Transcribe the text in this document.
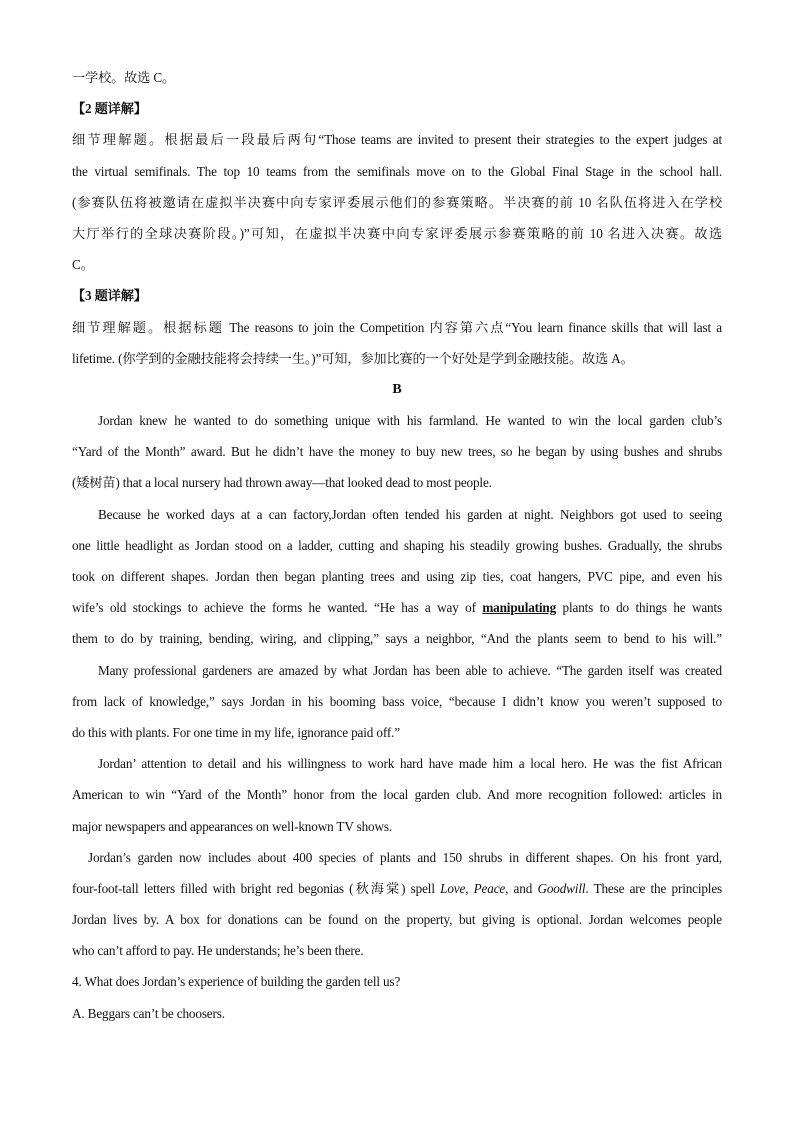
一学校。故选 C。
【2 题详解】
细节理解题。根据最后一段最后两句“Those teams are invited to present their strategies to the expert judges at
the virtual semifinals. The top 10 teams from the semifinals move on to the Global Final Stage in the school hall.
(参赛队伍将被邀请在虚拟半决赛中向专家评委展示他们的参赛策略。半决赛的前 10 名队伍将进入在学校
大厅举行的全球决赛阶段。)”可知，在虚拟半决赛中向专家评委展示参赛策略的前 10 名进入决赛。故选
C。
【3 题详解】
细节理解题。根据标题 The reasons to join the Competition 内容第六点“You learn finance skills that will last a
lifetime. (你学到的金融技能将会持续一生。)”可知，参加比赛的一个好处是学到金融技能。故选 A。
B
Jordan knew he wanted to do something unique with his farmland. He wanted to win the local garden club’s
“Yard of the Month” award. But he didn’t have the money to buy new trees, so he began by using bushes and shrubs
(矮树苗) that a local nursery had thrown away—that looked dead to most people.
Because he worked days at a can factory,Jordan often tended his garden at night. Neighbors got used to seeing
one little headlight as Jordan stood on a ladder, cutting and shaping his steadily growing bushes. Gradually, the shrubs
took on different shapes. Jordan then began planting trees and using zip ties, coat hangers, PVC pipe, and even his
wife’s old stockings to achieve the forms he wanted. “He has a way of manipulating plants to do things he wants
them to do by training, bending, wiring, and clipping,” says a neighbor, “And the plants seem to bend to his will.”
Many professional gardeners are amazed by what Jordan has been able to achieve. “The garden itself was created
from lack of knowledge,” says Jordan in his booming bass voice, “because I didn’t know you weren’t supposed to
do this with plants. For one time in my life, ignorance paid off.”
Jordan’ attention to detail and his willingness to work hard have made him a local hero. He was the fist African
American to win “Yard of the Month” honor from the local garden club. And more recognition followed: articles in
major newspapers and appearances on well-known TV shows.
Jordan’s garden now includes about 400 species of plants and 150 shrubs in different shapes. On his front yard,
four-foot-tall letters filled with bright red begonias (秋海棠) spell Love, Peace, and Goodwill. These are the principles
Jordan lives by. A box for donations can be found on the property, but giving is optional. Jordan welcomes people
who can’t afford to pay. He understands; he’s been there.
4. What does Jordan’s experience of building the garden tell us?
A. Beggars can’t be choosers.
